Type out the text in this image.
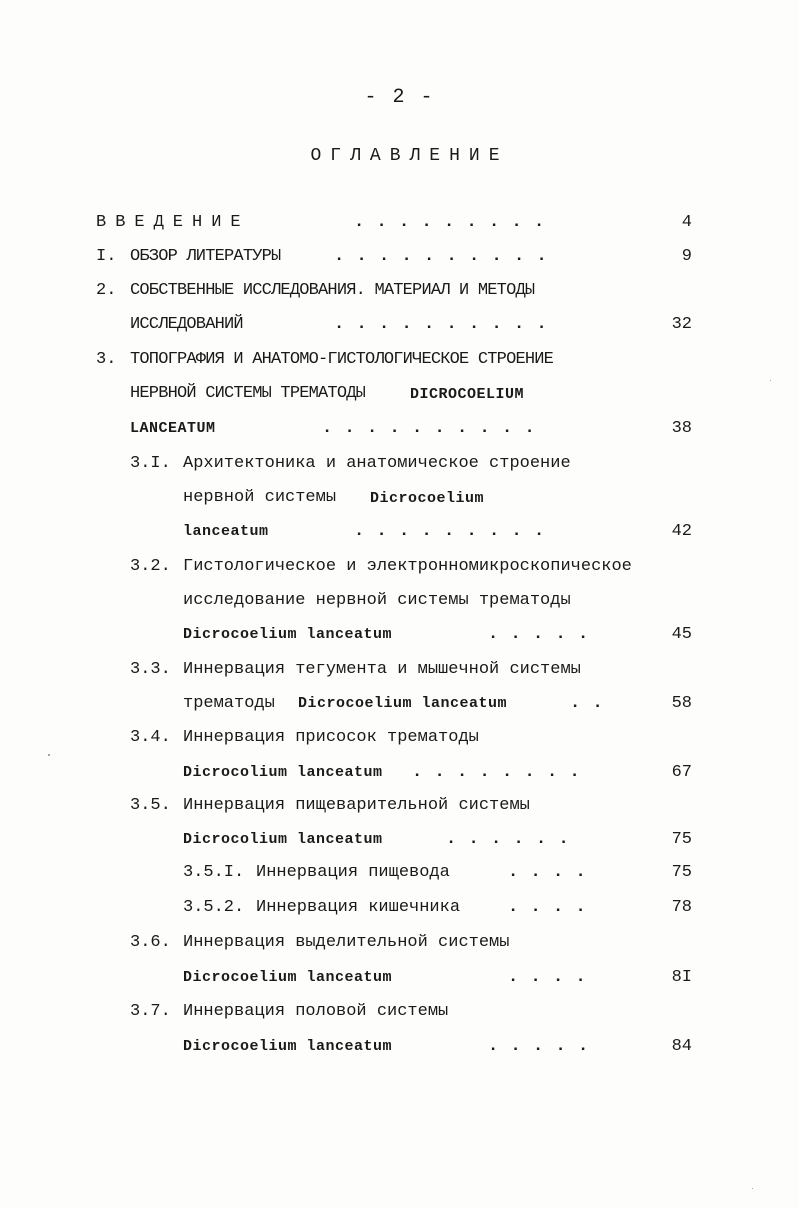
- 2 -
ОГЛАВЛЕНИЕ
ВВЕДЕНИЕ	.........	4
I. ОБЗОР ЛИТЕРАТУРЫ	..........	9
2. СОБСТВЕННЫЕ ИССЛЕДОВАНИЯ. МАТЕРИАЛ И МЕТОДЫ
ИССЛЕДОВАНИЙ	..........	32
3. ТОПОГРАФИЯ И АНАТОМО-ГИСТОЛОГИЧЕСКОЕ СТРОЕНИЕ
НЕРВНОЙ СИСТЕМЫ ТРЕМАТОДЫ	DICROCOELIUM
LANCEATUM	..........	38
3.I. Архитектоника и анатомическое строение
нервной системы Dicrocoelium
lanceatum	.........	42
3.2. Гистологическое и электронномикроскопическое
исследование нервной системы трематоды
Dicrocoelium lanceatum	.....	45
3.3. Иннервация тегумента и мышечной системы
трематоды Dicrocoelium lanceatum	..	58
3.4. Иннервация присосок трематоды
Dicrocolium lanceatum ........	67
3.5. Иннервация пищеварительной системы
Dicrocolium lanceatum	......	75
3.5.I. Иннервация пищевода	....	75
3.5.2. Иннервация кишечника	....	78
3.6. Иннервация выделительной системы
Dicrocoelium lanceatum	....	8I
3.7. Иннервация половой системы
Dicrocoelium lanceatum	.....	84
